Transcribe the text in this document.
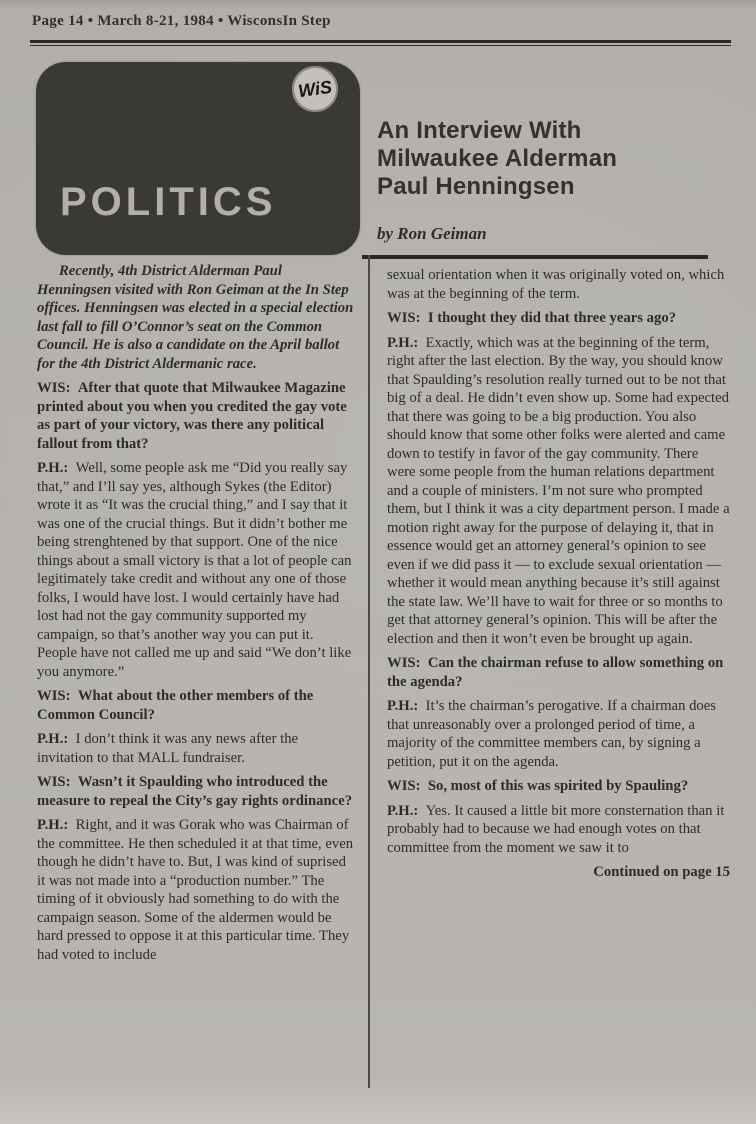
Page 14 • March 8-21, 1984 • WisconsIn Step
WiS
POLITICS
An Interview With
Milwaukee Alderman
Paul Henningsen
by Ron Geiman

Recently, 4th District Alderman Paul Henningsen visited with Ron Geiman at the In Step offices. Henningsen was elected in a special election last fall to fill O’Connor’s seat on the Common Council. He is also a candidate on the April ballot for the 4th District Aldermanic race.

WIS: After that quote that Milwaukee Magazine printed about you when you credited the gay vote as part of your victory, was there any political fallout from that?

P.H.: Well, some people ask me “Did you really say that,” and I’ll say yes, although Sykes (the Editor) wrote it as “It was the crucial thing,” and I say that it was one of the crucial things. But it didn’t bother me being strenghtened by that support. One of the nice things about a small victory is that a lot of people can legitimately take credit and without any one of those folks, I would have lost. I would certainly have had lost had not the gay community supported my campaign, so that’s another way you can put it. People have not called me up and said “We don’t like you anymore.”

WIS: What about the other members of the Common Council?

P.H.: I don’t think it was any news after the invitation to that MALL fundraiser.

WIS: Wasn’t it Spaulding who introduced the measure to repeal the City’s gay rights ordinance?

P.H.: Right, and it was Gorak who was Chairman of the committee. He then scheduled it at that time, even though he didn’t have to. But, I was kind of suprised it was not made into a “production number.” The timing of it obviously had something to do with the campaign season. Some of the aldermen would be hard pressed to oppose it at this particular time. They had voted to include

sexual orientation when it was originally voted on, which was at the beginning of the term.

WIS: I thought they did that three years ago?

P.H.: Exactly, which was at the beginning of the term, right after the last election. By the way, you should know that Spaulding’s resolution really turned out to be not that big of a deal. He didn’t even show up. Some had expected that there was going to be a big production. You also should know that some other folks were alerted and came down to testify in favor of the gay community. There were some people from the human relations department and a couple of ministers. I’m not sure who prompted them, but I think it was a city department person. I made a motion right away for the purpose of delaying it, that in essence would get an attorney general’s opinion to see even if we did pass it — to exclude sexual orientation — whether it would mean anything because it’s still against the state law. We’ll have to wait for three or so months to get that attorney general’s opinion. This will be after the election and then it won’t even be brought up again.

WIS: Can the chairman refuse to allow something on the agenda?

P.H.: It’s the chairman’s perogative. If a chairman does that unreasonably over a prolonged period of time, a majority of the committee members can, by signing a petition, put it on the agenda.

WIS: So, most of this was spirited by Spauling?

P.H.: Yes. It caused a little bit more consternation than it probably had to because we had enough votes on that committee from the moment we saw it to

Continued on page 15
